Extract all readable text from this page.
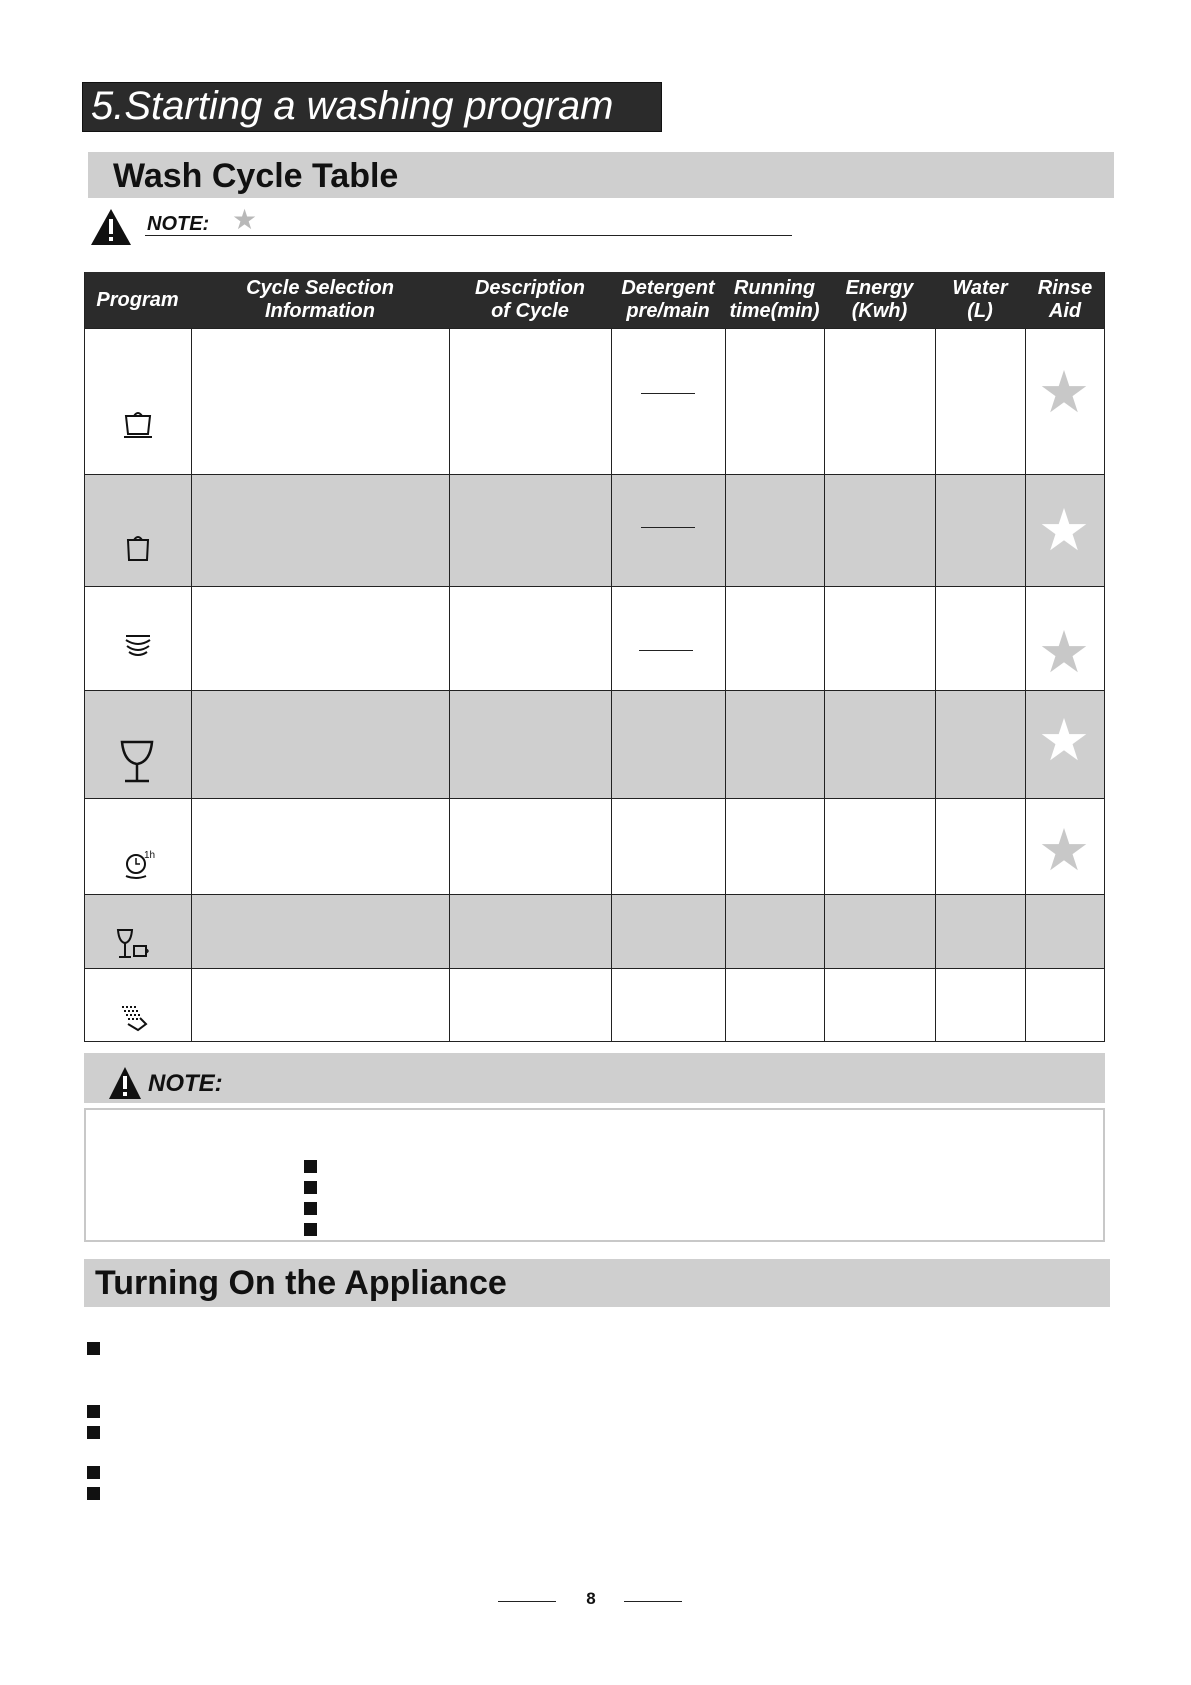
5.Starting a washing program
Wash Cycle Table
NOTE: ★
Program
Cycle Selection
Information
Description
of Cycle
Detergent
pre/main
Running
time(min)
Energy
(Kwh)
Water
(L)
Rinse
Aid
1h
★
★
★
★
★
NOTE:
Turning On the Appliance
8
